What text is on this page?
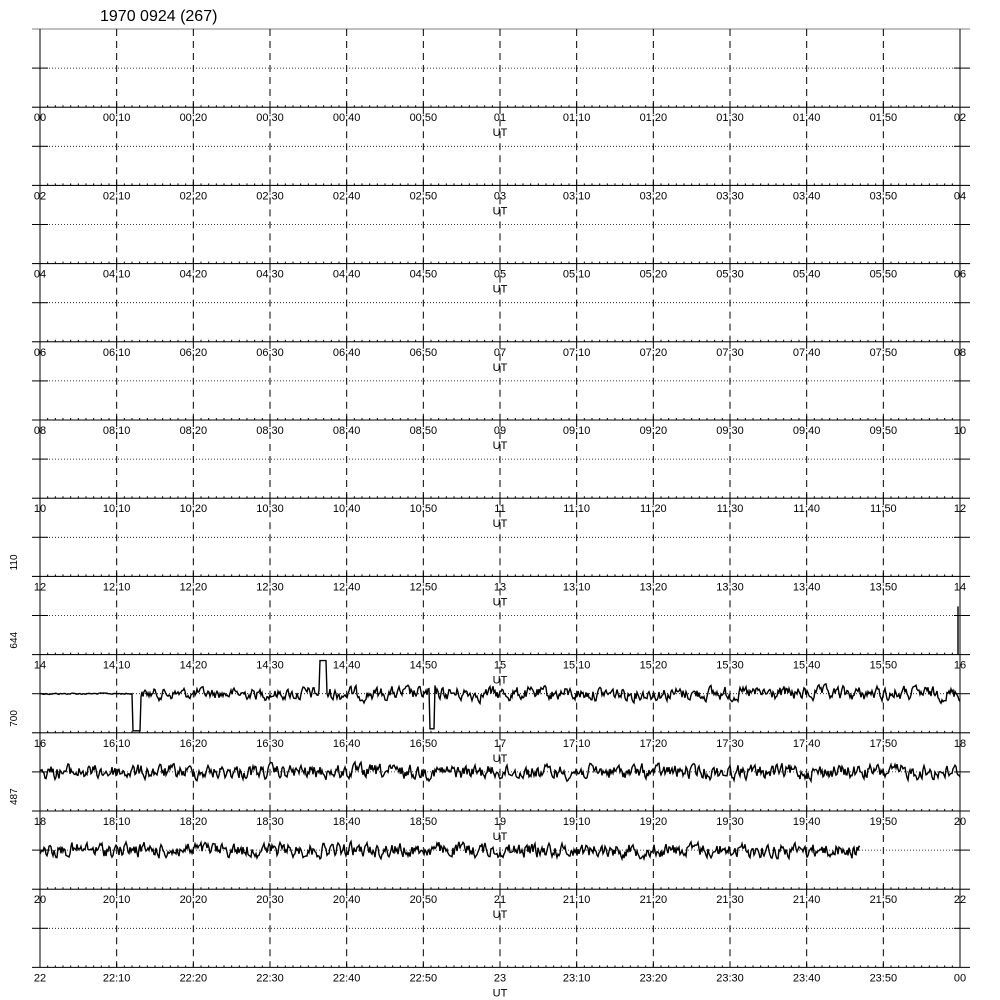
1970 0924 (267)
00	00:10	00:20	00:30	00:40	00:50	01	01:10	01:20	01:30	01:40	01:50	02
UT
02	02:10	02:20	02:30	02:40	02:50	03	03:10	03:20	03:30	03:40	03:50	04
UT
04	04:10	04:20	04:30	04:40	04:50	05	05:10	05:20	05:30	05:40	05:50	06
UT
06	06:10	06:20	06:30	06:40	06:50	07	07:10	07:20	07:30	07:40	07:50	08
UT
08	08:10	08:20	08:30	08:40	08:50	09	09:10	09:20	09:30	09:40	09:50	10
UT
10	10:10	10:20	10:30	10:40	10:50	11	11:10	11:20	11:30	11:40	11:50	12
UT
12	12:10	12:20	12:30	12:40	12:50	13	13:10	13:20	13:30	13:40	13:50	14
UT
110
14	14:10	14:20	14:30	14:40	14:50	15	15:10	15:20	15:30	15:40	15:50	16
UT
644
16	16:10	16:20	16:30	16:40	16:50	17	17:10	17:20	17:30	17:40	17:50	18
UT
700
18	18:10	18:20	18:30	18:40	18:50	19	19:10	19:20	19:30	19:40	19:50	20
UT
487
20	20:10	20:20	20:30	20:40	20:50	21	21:10	21:20	21:30	21:40	21:50	22
UT
22	22:10	22:20	22:30	22:40	22:50	23	23:10	23:20	23:30	23:40	23:50	00
UT
